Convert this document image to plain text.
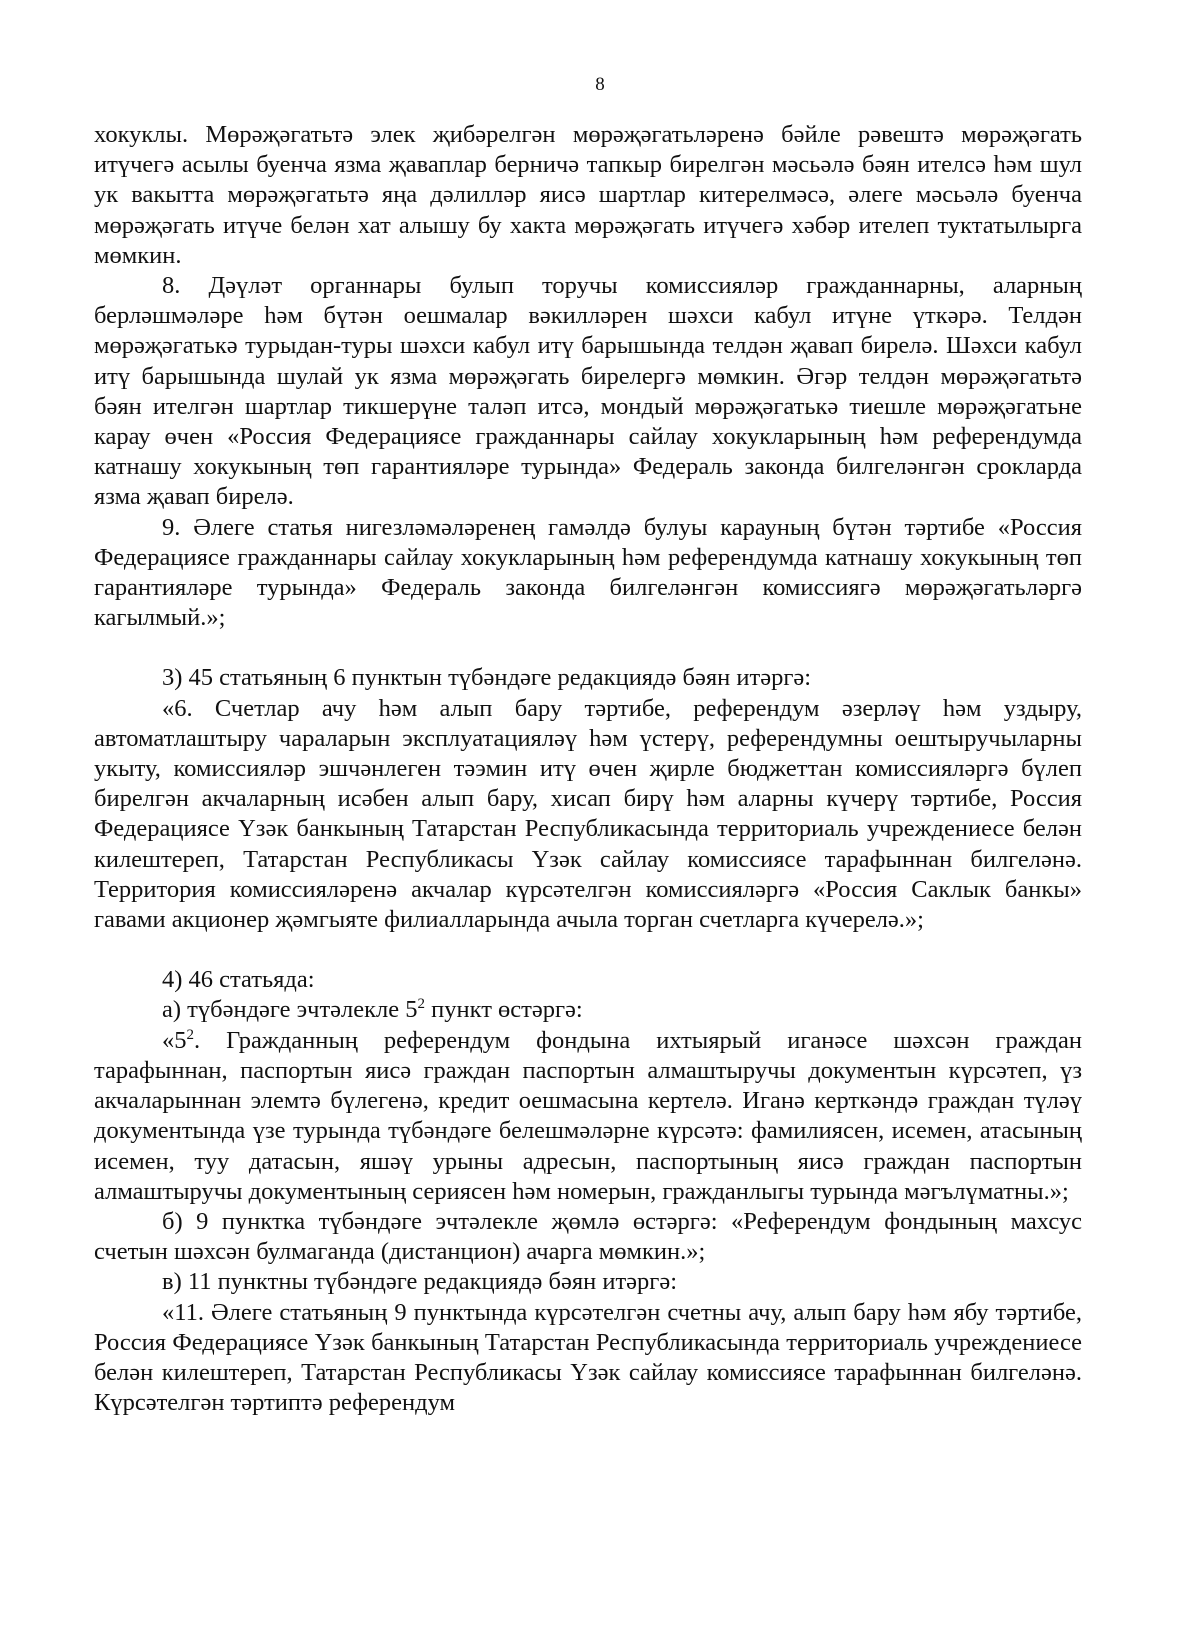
8

хокуклы. Мөрәҗәгатьтә элек җибәрелгән мөрәҗәгатьләренә бәйле рәвештә мөрәҗәгать итүчегә асылы буенча язма җаваплар берничә тапкыр бирелгән мәсьәлә бәян ителсә һәм шул ук вакытта мөрәҗәгатьтә яңа дәлилләр яисә шартлар китерелмәсә, әлеге мәсьәлә буенча мөрәҗәгать итүче белән хат алышу бу хакта мөрәҗәгать итүчегә хәбәр ителеп туктатылырга мөмкин.

8. Дәүләт органнары булып торучы комиссияләр гражданнарны, аларның берләшмәләре һәм бүтән оешмалар вәкилләрен шәхси кабул итүне үткәрә. Телдән мөрәҗәгатькә турыдан-туры шәхси кабул итү барышында телдән җавап бирелә. Шәхси кабул итү барышында шулай ук язма мөрәҗәгать бирелергә мөмкин. Әгәр телдән мөрәҗәгатьтә бәян ителгән шартлар тикшерүне таләп итсә, мондый мөрәҗәгатькә тиешле мөрәҗәгатьне карау өчен «Россия Федерациясе гражданнары сайлау хокукларының һәм референдумда катнашу хокукының төп гарантияләре турында» Федераль законда билгеләнгән срокларда язма җавап бирелә.

9. Әлеге статья нигезләмәләренең гамәлдә булуы карауның бүтән тәртибе «Россия Федерациясе гражданнары сайлау хокукларының һәм референдумда катнашу хокукының төп гарантияләре турында» Федераль законда билгеләнгән комиссиягә мөрәҗәгатьләргә кагылмый.»;

3) 45 статьяның 6 пунктын түбәндәге редакциядә бәян итәргә:

«6. Счетлар ачу һәм алып бару тәртибе, референдум әзерләү һәм уздыру, автоматлаштыру чараларын эксплуатацияләү һәм үстерү, референдумны оештыручыларны укыту, комиссияләр эшчәнлеген тәэмин итү өчен җирле бюджеттан комиссияләргә бүлеп бирелгән акчаларның исәбен алып бару, хисап бирү һәм аларны күчерү тәртибе, Россия Федерациясе Үзәк банкының Татарстан Республикасында территориаль учреждениесе белән килештереп, Татарстан Республикасы Үзәк сайлау комиссиясе тарафыннан билгеләнә. Территория комиссияләренә акчалар күрсәтелгән комиссияләргә «Россия Саклык банкы» гавами акционер җәмгыяте филиалларында ачыла торган счетларга күчерелә.»;

4) 46 статьяда:

а) түбәндәге эчтәлекле $5^2$ пункт өстәргә:

«$5^2$. Гражданның референдум фондына ихтыярый иганәсе шәхсән граждан тарафыннан, паспортын яисә граждан паспортын алмаштыручы документын күрсәтеп, үз акчаларыннан элемтә бүлегенә, кредит оешмасына кертелә. Иганә керткәндә граждан түләү документында үзе турында түбәндәге белешмәләрне күрсәтә: фамилиясен, исемен, атасының исемен, туу датасын, яшәү урыны адресын, паспортының яисә граждан паспортын алмаштыручы документының сериясен һәм номерын, гражданлыгы турында мәгълүматны.»;

б) 9 пунктка түбәндәге эчтәлекле җөмлә өстәргә: «Референдум фондының махсус счетын шәхсән булмаганда (дистанцион) ачарга мөмкин.»;

в) 11 пунктны түбәндәге редакциядә бәян итәргә:

«11. Әлеге статьяның 9 пунктында күрсәтелгән счетны ачу, алып бару һәм ябу тәртибе, Россия Федерациясе Үзәк банкының Татарстан Республикасында территориаль учреждениесе белән килештереп, Татарстан Республикасы Үзәк сайлау комиссиясе тарафыннан билгеләнә. Күрсәтелгән тәртиптә референдум
